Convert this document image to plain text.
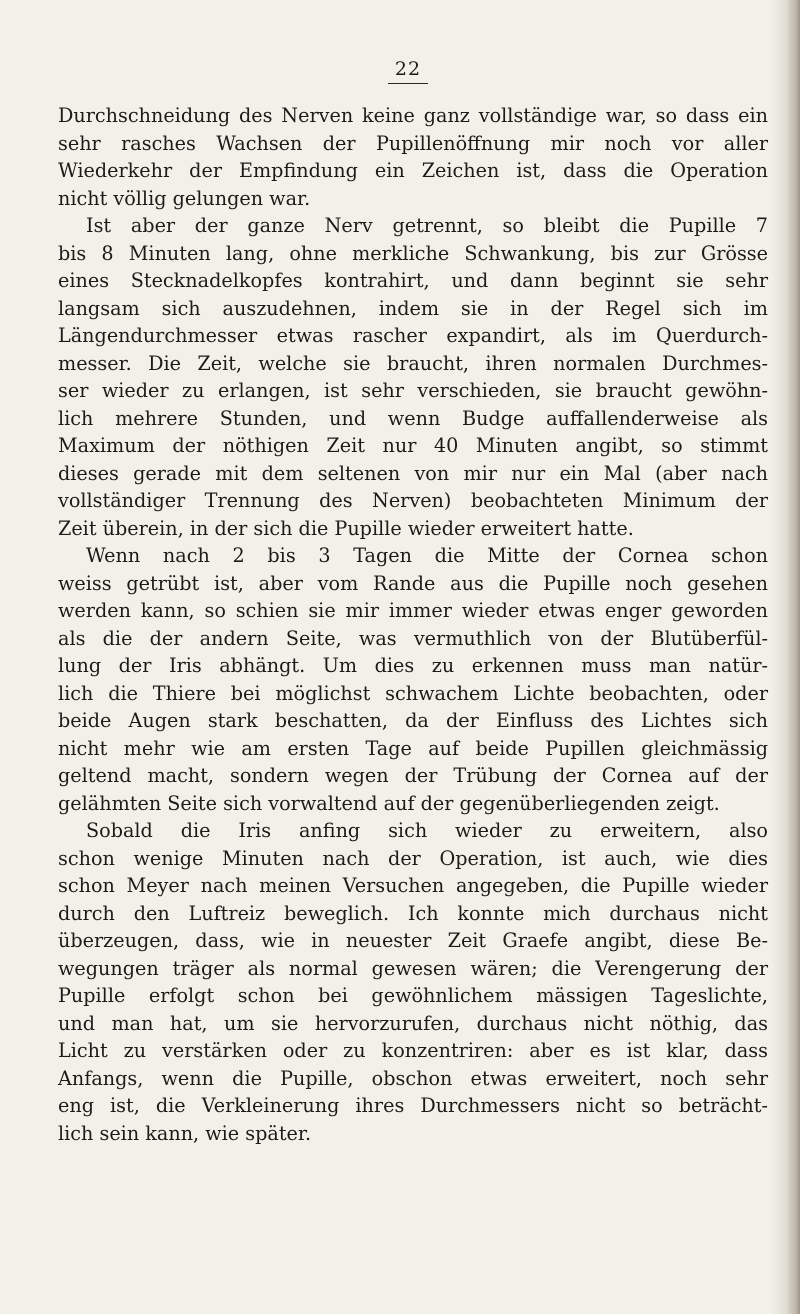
22
Durchschneidung des Nerven keine ganz vollständige war, so dass ein
sehr rasches Wachsen der Pupillenöffnung mir noch vor aller
Wiederkehr der Empfindung ein Zeichen ist, dass die Operation
nicht völlig gelungen war.
Ist aber der ganze Nerv getrennt, so bleibt die Pupille 7
bis 8 Minuten lang, ohne merkliche Schwankung, bis zur Grösse
eines Stecknadelkopfes kontrahirt, und dann beginnt sie sehr
langsam sich auszudehnen, indem sie in der Regel sich im
Längendurchmesser etwas rascher expandirt, als im Querdurch-
messer. Die Zeit, welche sie braucht, ihren normalen Durchmes-
ser wieder zu erlangen, ist sehr verschieden, sie braucht gewöhn-
lich mehrere Stunden, und wenn Budge auffallenderweise als
Maximum der nöthigen Zeit nur 40 Minuten angibt, so stimmt
dieses gerade mit dem seltenen von mir nur ein Mal (aber nach
vollständiger Trennung des Nerven) beobachteten Minimum der
Zeit überein, in der sich die Pupille wieder erweitert hatte.
Wenn nach 2 bis 3 Tagen die Mitte der Cornea schon
weiss getrübt ist, aber vom Rande aus die Pupille noch gesehen
werden kann, so schien sie mir immer wieder etwas enger geworden
als die der andern Seite, was vermuthlich von der Blutüberfül-
lung der Iris abhängt. Um dies zu erkennen muss man natür-
lich die Thiere bei möglichst schwachem Lichte beobachten, oder
beide Augen stark beschatten, da der Einfluss des Lichtes sich
nicht mehr wie am ersten Tage auf beide Pupillen gleichmässig
geltend macht, sondern wegen der Trübung der Cornea auf der
gelähmten Seite sich vorwaltend auf der gegenüberliegenden zeigt.
Sobald die Iris anfing sich wieder zu erweitern, also
schon wenige Minuten nach der Operation, ist auch, wie dies
schon Meyer nach meinen Versuchen angegeben, die Pupille wieder
durch den Luftreiz beweglich. Ich konnte mich durchaus nicht
überzeugen, dass, wie in neuester Zeit Graefe angibt, diese Be-
wegungen träger als normal gewesen wären; die Verengerung der
Pupille erfolgt schon bei gewöhnlichem mässigen Tageslichte,
und man hat, um sie hervorzurufen, durchaus nicht nöthig, das
Licht zu verstärken oder zu konzentriren: aber es ist klar, dass
Anfangs, wenn die Pupille, obschon etwas erweitert, noch sehr
eng ist, die Verkleinerung ihres Durchmessers nicht so beträcht-
lich sein kann, wie später.
